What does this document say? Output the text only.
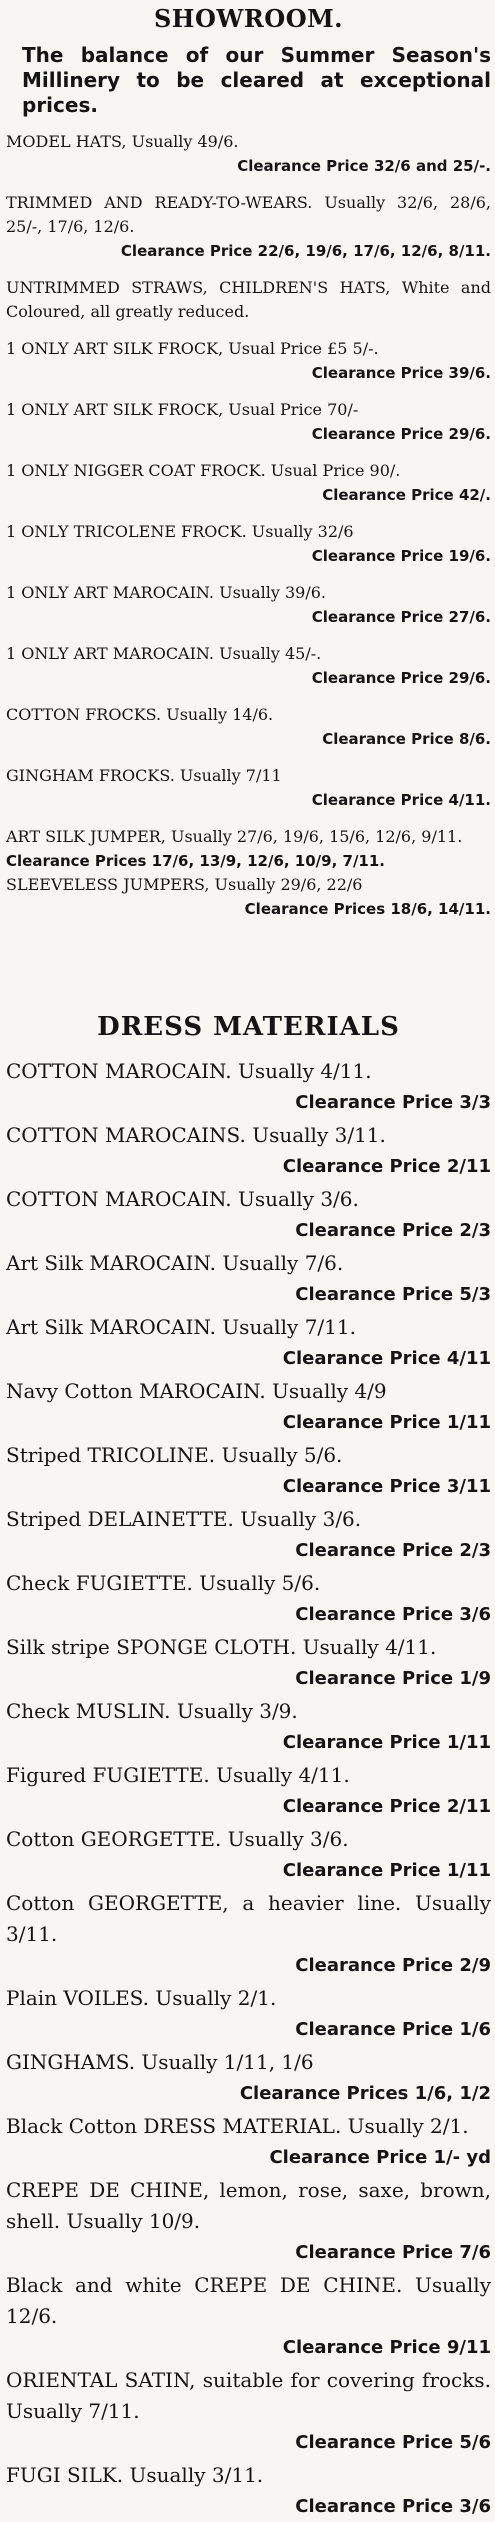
SHOWROOM.

The balance of our Summer Season's Millinery to be cleared at exceptional prices.

MODEL HATS, Usually 49/6.

Clearance Price 32/6 and 25/-.

TRIMMED AND READY-TO-WEARS. Usually 32/6, 28/6, 25/-, 17/6, 12/6.

Clearance Price 22/6, 19/6, 17/6, 12/6, 8/11.

UNTRIMMED STRAWS, CHILDREN'S HATS, White and Coloured, all greatly reduced.

1 ONLY ART SILK FROCK, Usual Price £5 5/-.

Clearance Price 39/6.

1 ONLY ART SILK FROCK, Usual Price 70/-

Clearance Price 29/6.

1 ONLY NIGGER COAT FROCK. Usual Price 90/.

Clearance Price 42/.

1 ONLY TRICOLENE FROCK. Usually 32/6

Clearance Price 19/6.

1 ONLY ART MAROCAIN. Usually 39/6.

Clearance Price 27/6.

1 ONLY ART MAROCAIN. Usually 45/-.

Clearance Price 29/6.

COTTON FROCKS. Usually 14/6.

Clearance Price 8/6.

GINGHAM FROCKS. Usually 7/11

Clearance Price 4/11.

ART SILK JUMPER, Usually 27/6, 19/6, 15/6, 12/6, 9/11.

Clearance Prices 17/6, 13/9, 12/6, 10/9, 7/11.

SLEEVELESS JUMPERS, Usually 29/6, 22/6

Clearance Prices 18/6, 14/11.

DRESS MATERIALS

COTTON MAROCAIN. Usually 4/11.

Clearance Price 3/3

COTTON MAROCAINS. Usually 3/11.

Clearance Price 2/11

COTTON MAROCAIN. Usually 3/6.

Clearance Price 2/3

Art Silk MAROCAIN. Usually 7/6.

Clearance Price 5/3

Art Silk MAROCAIN. Usually 7/11.

Clearance Price 4/11

Navy Cotton MAROCAIN. Usually 4/9

Clearance Price 1/11

Striped TRICOLINE. Usually 5/6.

Clearance Price 3/11

Striped DELAINETTE. Usually 3/6.

Clearance Price 2/3

Check FUGIETTE. Usually 5/6.

Clearance Price 3/6

Silk stripe SPONGE CLOTH. Usually 4/11.

Clearance Price 1/9

Check MUSLIN. Usually 3/9.

Clearance Price 1/11

Figured FUGIETTE. Usually 4/11.

Clearance Price 2/11

Cotton GEORGETTE. Usually 3/6.

Clearance Price 1/11

Cotton GEORGETTE, a heavier line. Usually 3/11.

Clearance Price 2/9

Plain VOILES. Usually 2/1.

Clearance Price 1/6

GINGHAMS. Usually 1/11, 1/6

Clearance Prices 1/6, 1/2

Black Cotton DRESS MATERIAL. Usually 2/1.

Clearance Price 1/- yd

CREPE DE CHINE, lemon, rose, saxe, brown, shell. Usually 10/9.

Clearance Price 7/6

Black and white CREPE DE CHINE. Usually 12/6.

Clearance Price 9/11

ORIENTAL SATIN, suitable for covering frocks. Usually 7/11.

Clearance Price 5/6

FUGI SILK. Usually 3/11.

Clearance Price 3/6
